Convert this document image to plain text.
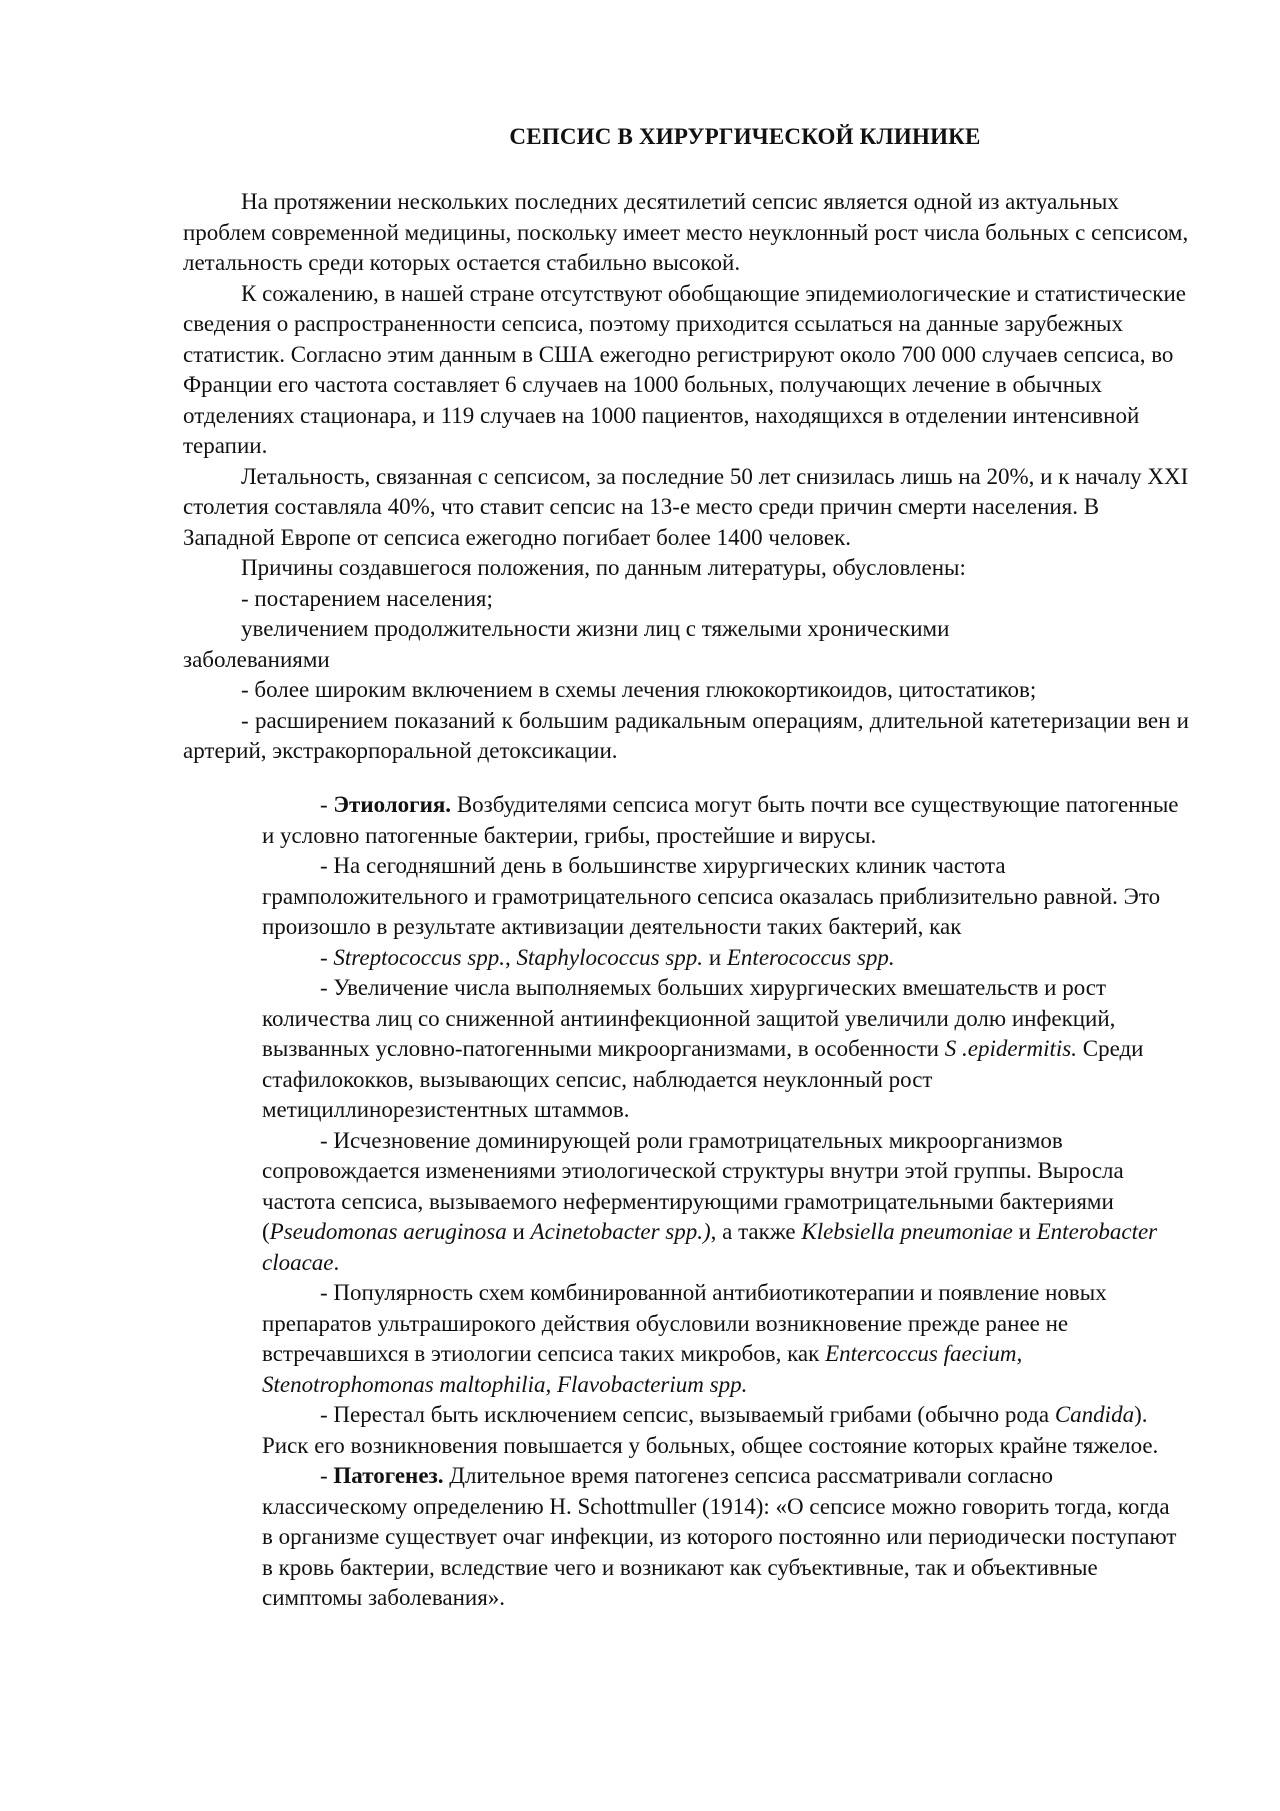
СЕПСИС В ХИРУРГИЧЕСКОЙ КЛИНИКЕ

На протяжении нескольких последних десятилетий сепсис является одной из актуальных проблем современной медицины, поскольку имеет место неуклонный рост числа больных с сепсисом, летальность среди которых остается стабильно высокой.

К сожалению, в нашей стране отсутствуют обобщающие эпидемиологические и статистические сведения о распространенности сепсиса, поэтому приходится ссылаться на данные зарубежных статистик. Согласно этим данным в США ежегодно регистрируют около 700 000 случаев сепсиса, во Франции его частота составляет 6 случаев на 1000 больных, получающих лечение в обычных отделениях стационара, и 119 случаев на 1000 пациентов, находящихся в отделении интенсивной терапии.

Летальность, связанная с сепсисом, за последние 50 лет снизилась лишь на 20%, и к началу XXI столетия составляла 40%, что ставит сепсис на 13-е место среди причин смерти населения. В Западной Европе от сепсиса ежегодно погибает более 1400 человек.

Причины создавшегося положения, по данным литературы, обусловлены:

- постарением населения;

увеличением продолжительности жизни лиц с тяжелыми хроническими

заболеваниями

- более широким включением в схемы лечения глюкокортикоидов, цитостатиков;

- расширением показаний к большим радикальным операциям, длительной катетеризации вен и артерий, экстракорпоральной детоксикации.

- Этиология. Возбудителями сепсиса могут быть почти все существующие патогенные и условно патогенные бактерии, грибы, простейшие и вирусы.

- На сегодняшний день в большинстве хирургических клиник частота грамположительного и грамотрицательного сепсиса оказалась приблизительно равной. Это произошло в результате активизации деятельности таких бактерий, как

- Streptococcus spp., Staphylococcus spp. и Enterococcus spp.

- Увеличение числа выполняемых больших хирургических вмешательств и рост количества лиц со сниженной антиинфекционной защитой увеличили долю инфекций, вызванных условно-патогенными микроорганизмами, в особенности S .epidermitis. Среди стафилококков, вызывающих сепсис, наблюдается неуклонный рост метициллинорезистентных штаммов.

- Исчезновение доминирующей роли грамотрицательных микроорганизмов сопровождается изменениями этиологической структуры внутри этой группы. Выросла частота сепсиса, вызываемого неферментирующими грамотрицательными бактериями (Pseudomonas aeruginosa и Acinetobacter spp.), а также Klebsiella pneumoniae и Enterobacter cloacae.

- Популярность схем комбинированной антибиотикотерапии и появление новых препаратов ультраширокого действия обусловили возникновение прежде ранее не встречавшихся в этиологии сепсиса таких микробов, как Entercoccus faecium, Stenotrophomonas maltophilia, Flavobacterium spp.

- Перестал быть исключением сепсис, вызываемый грибами (обычно рода Candida). Риск его возникновения повышается у больных, общее состояние которых крайне тяжелое.

- Патогенез. Длительное время патогенез сепсиса рассматривали согласно классическому определению H. Schottmuller (1914): «О сепсисе можно говорить тогда, когда в организме существует очаг инфекции, из которого постоянно или периодически поступают в кровь бактерии, вследствие чего и возникают как субъективные, так и объективные симптомы заболевания».
